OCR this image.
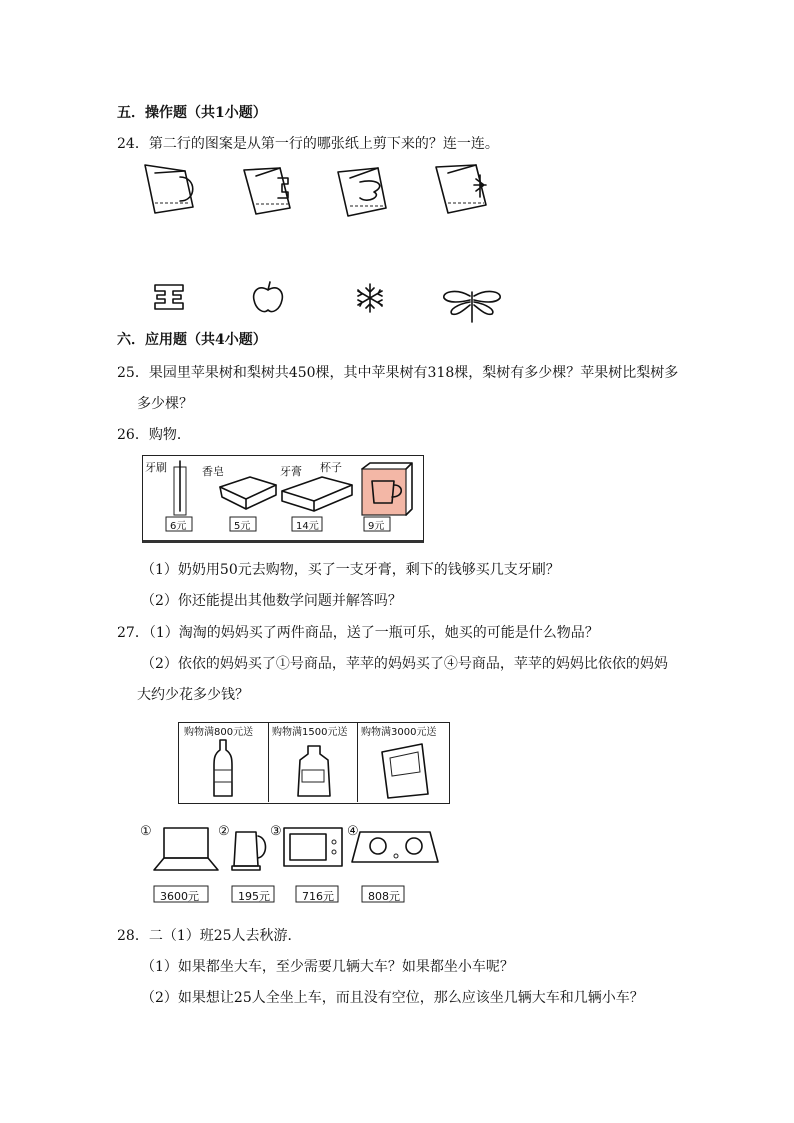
五．操作题（共1小题）
24．第二行的图案是从第一行的哪张纸上剪下来的？连一连。
六．应用题（共4小题）
25．果园里苹果树和梨树共450棵，其中苹果树有318棵，梨树有多少棵？苹果树比梨树多
多少棵？
26．购物．
牙刷	香皂	牙膏 杯子
6元	5元	14元	9元
（1）奶奶用50元去购物，买了一支牙膏，剩下的钱够买几支牙刷？
（2）你还能提出其他数学问题并解答吗？
27．（1）淘淘的妈妈买了两件商品，送了一瓶可乐，她买的可能是什么物品？
（2）依依的妈妈买了①号商品，苹苹的妈妈买了④号商品，苹苹的妈妈比依依的妈妈
大约少花多少钱？
购物满800元送 购物满1500元送 购物满3000元送
①	②	③	④
3600元	195元	716元	808元
28．二（1）班25人去秋游．
（1）如果都坐大车，至少需要几辆大车？如果都坐小车呢？
（2）如果想让25人全坐上车，而且没有空位，那么应该坐几辆大车和几辆小车？
